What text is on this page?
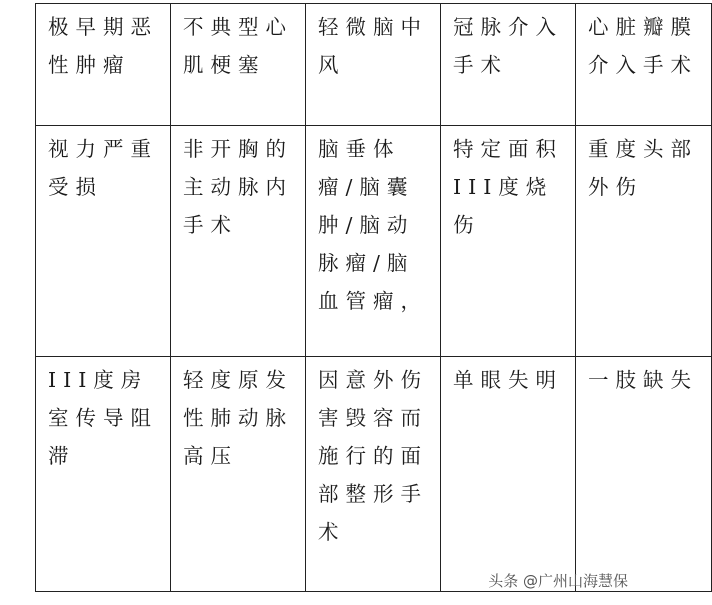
极早期恶性肿瘤	不典型心肌梗塞	轻微脑中风	冠脉介入手术	心脏瓣膜介入手术
视力严重受损	非开胸的主动脉内手术	脑垂体瘤/脑囊肿/脑动脉瘤/脑血管瘤，	特定面积III度烧伤	重度头部外伤
III度房室传导阻滞	轻度原发性肺动脉高压	因意外伤害毁容而施行的面部整形手术	单眼失明	一肢缺失
头条 @广州山海慧保
